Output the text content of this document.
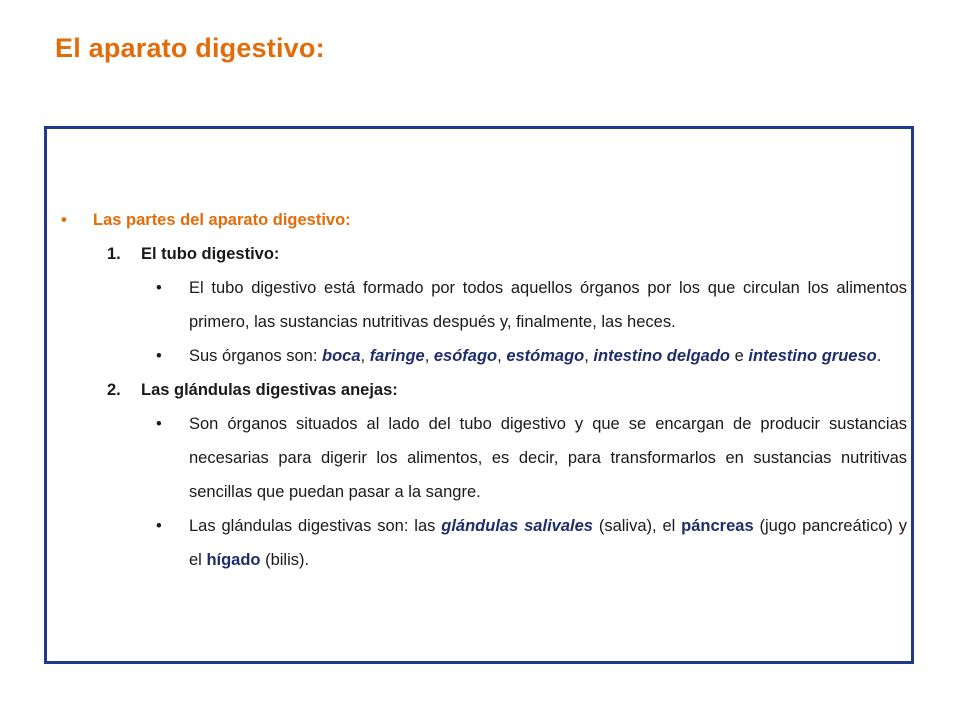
El aparato digestivo:
• Las partes del aparato digestivo:
1. El tubo digestivo:
• El tubo digestivo está formado por todos aquellos órganos por los que circulan los alimentos primero, las sustancias nutritivas después y, finalmente, las heces.
• Sus órganos son: boca, faringe, esófago, estómago, intestino delgado e intestino grueso.
2. Las glándulas digestivas anejas:
• Son órganos situados al lado del tubo digestivo y que se encargan de producir sustancias necesarias para digerir los alimentos, es decir, para transformarlos en sustancias nutritivas sencillas que puedan pasar a la sangre.
• Las glándulas digestivas son: las glándulas salivales (saliva), el páncreas (jugo pancreático) y el hígado (bilis).
